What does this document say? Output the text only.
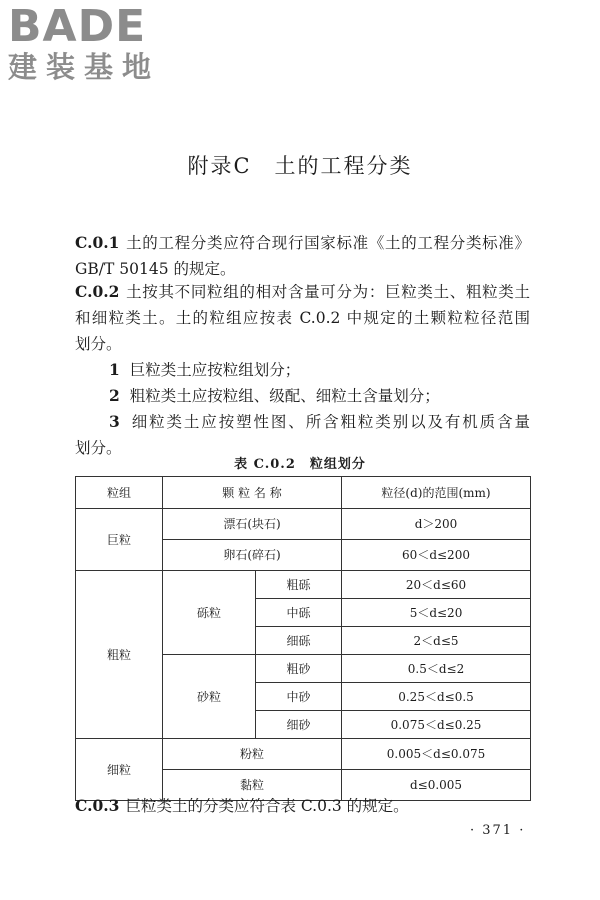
BADE
建装基地
附录C　土的工程分类
C.0.1 土的工程分类应符合现行国家标准《土的工程分类标准》
GB/T 50145 的规定。
C.0.2 土按其不同粒组的相对含量可分为：巨粒类土、粗粒类土
和细粒类土。土的粒组应按表 C.0.2 中规定的土颗粒粒径范围
划分。
1 巨粒类土应按粒组划分；
2 粗粒类土应按粒组、级配、细粒土含量划分；
3 细粒类土应按塑性图、所含粗粒类别以及有机质含量
划分。
表 C.0.2 粒组划分
粒组	颗 粒 名 称		粒径(d)的范围(mm)
巨粒	漂石(块石)		d＞200
	卵石(碎石)		60＜d≤200
粗粒	砾粒	粗砾	20＜d≤60
		中砾	5＜d≤20
		细砾	2＜d≤5
	砂粒	粗砂	0.5＜d≤2
		中砂	0.25＜d≤0.5
		细砂	0.075＜d≤0.25
细粒	粉粒		0.005＜d≤0.075
	黏粒		d≤0.005
C.0.3 巨粒类土的分类应符合表 C.0.3 的规定。
· 371 ·
